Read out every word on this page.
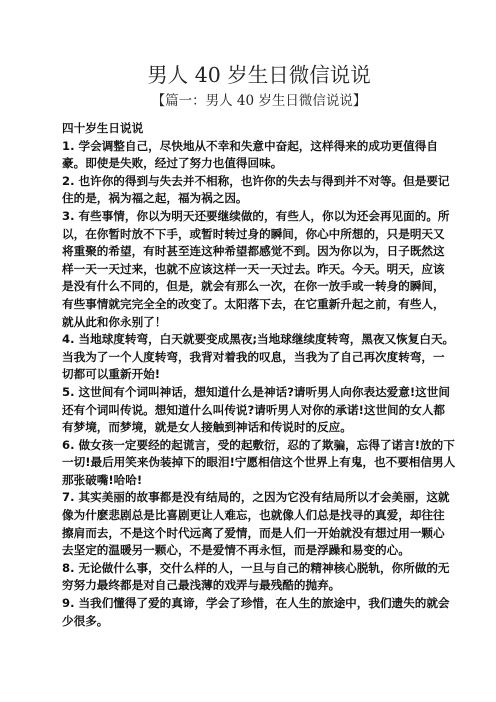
男人 40 岁生日微信说说
【篇一：男人 40 岁生日微信说说】
四十岁生日说说

1. 学会调整自己，尽快地从不幸和失意中奋起，这样得来的成功更值得自豪。即使是失败，经过了努力也值得回味。

2. 也许你的得到与失去并不相称，也许你的失去与得到并不对等。但是要记住的是，祸为福之起，福为祸之因。

3. 有些事情，你以为明天还要继续做的，有些人，你以为还会再见面的。所以，在你暂时放不下手，或暂时转过身的瞬间，你心中所想的，只是明天又将重聚的希望，有时甚至连这种希望都感觉不到。因为你以为，日子既然这样一天一天过来，也就不应该这样一天一天过去。昨天。今天。明天，应该是没有什么不同的，但是，就会有那么一次，在你一放手或一转身的瞬间，有些事情就完完全全的改变了。太阳落下去，在它重新升起之前，有些人，就从此和你永别了！

4. 当地球度转弯，白天就要变成黑夜;当地球继续度转弯，黑夜又恢复白天。当我为了一个人度转弯，我背对着我的叹息，当我为了自己再次度转弯，一切都可以重新开始!

5. 这世间有个词叫神话，想知道什么是神话?请听男人向你表达爱意!这世间还有个词叫传说。想知道什么叫传说?请听男人对你的承诺!这世间的女人都有梦境，而梦境，就是女人接触到神话和传说时的反应。

6. 做女孩一定要经的起谎言，受的起敷衍，忍的了欺骗，忘得了诺言!放的下一切!最后用笑来伪装掉下的眼泪!宁愿相信这个世界上有鬼，也不要相信男人那张破嘴!哈哈!

7. 其实美丽的故事都是没有结局的，之因为它没有结局所以才会美丽，这就像为什麽悲剧总是比喜剧更让人难忘，也就像人们总是找寻的真爱，却往往擦肩而去，不是这个时代远离了爱情，而是人们一开始就没有想过用一颗心去坚定的温暖另一颗心，不是爱情不再永恒，而是浮躁和易变的心。

8. 无论做什么事，交什么样的人，一旦与自己的精神核心脱轨，你所做的无穷努力最终都是对自己最浅薄的戏弄与最残酷的抛弃。

9. 当我们懂得了爱的真谛，学会了珍惜，在人生的旅途中，我们遗失的就会少很多。
